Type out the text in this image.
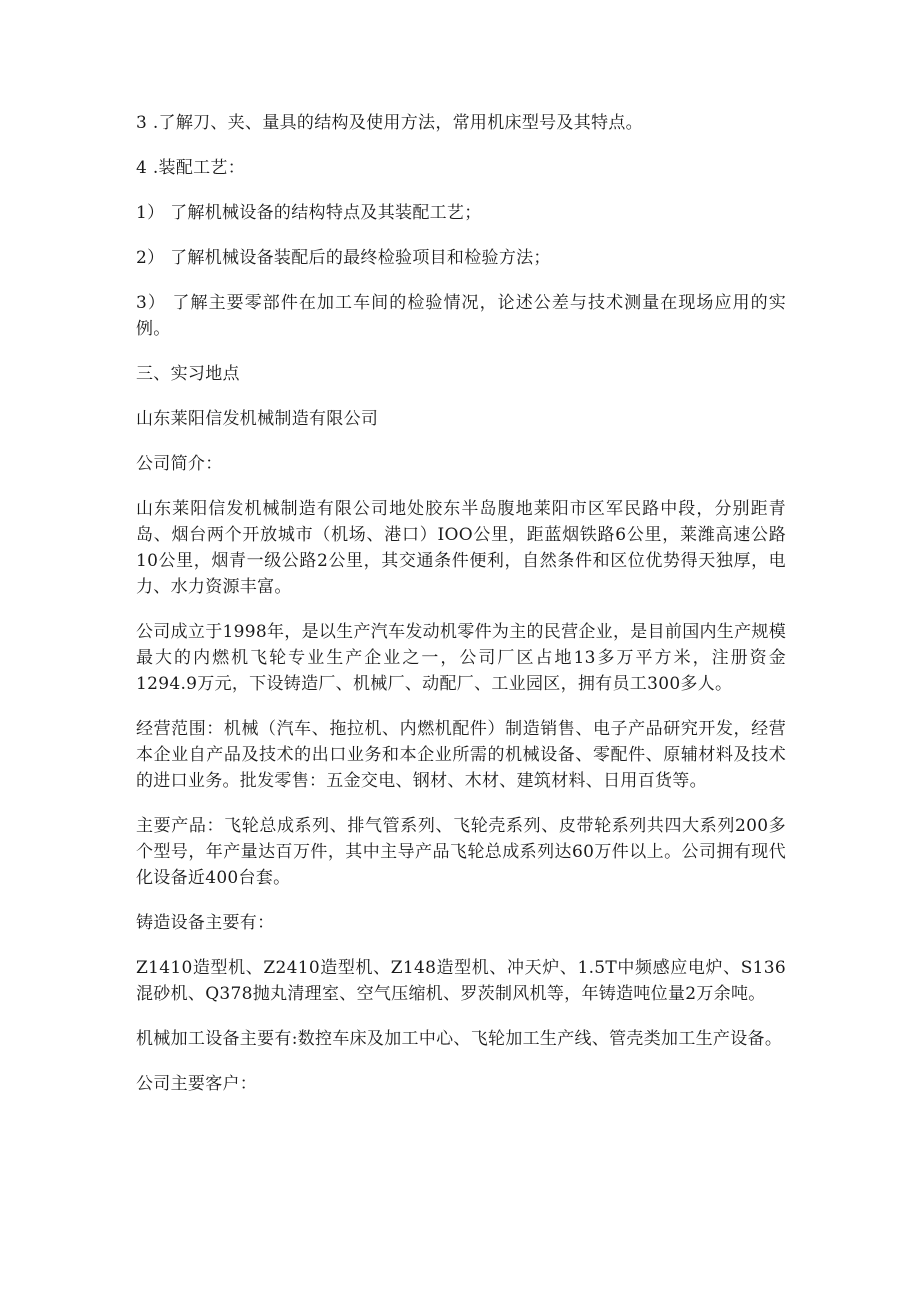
3 .了解刀、夹、量具的结构及使用方法，常用机床型号及其特点。

4 .装配工艺：

1） 了解机械设备的结构特点及其装配工艺；

2） 了解机械设备装配后的最终检验项目和检验方法；

3） 了解主要零部件在加工车间的检验情况，论述公差与技术测量在现场应用的实例。

三、实习地点

山东莱阳信发机械制造有限公司

公司简介：

山东莱阳信发机械制造有限公司地处胶东半岛腹地莱阳市区军民路中段，分别距青岛、烟台两个开放城市（机场、港口）IOO公里，距蓝烟铁路6公里，莱潍高速公路10公里，烟青一级公路2公里，其交通条件便利，自然条件和区位优势得天独厚，电力、水力资源丰富。

公司成立于1998年，是以生产汽车发动机零件为主的民营企业，是目前国内生产规模最大的内燃机飞轮专业生产企业之一，公司厂区占地13多万平方米，注册资金1294.9万元，下设铸造厂、机械厂、动配厂、工业园区，拥有员工300多人。

经营范围：机械（汽车、拖拉机、内燃机配件）制造销售、电子产品研究开发，经营本企业自产品及技术的出口业务和本企业所需的机械设备、零配件、原辅材料及技术的进口业务。批发零售：五金交电、钢材、木材、建筑材料、日用百货等。

主要产品：飞轮总成系列、排气管系列、飞轮壳系列、皮带轮系列共四大系列200多个型号，年产量达百万件，其中主导产品飞轮总成系列达60万件以上。公司拥有现代化设备近400台套。

铸造设备主要有：

Z1410造型机、Z2410造型机、Z148造型机、冲天炉、1.5T中频感应电炉、S136混砂机、Q378抛丸清理室、空气压缩机、罗茨制风机等，年铸造吨位量2万余吨。

机械加工设备主要有:数控车床及加工中心、飞轮加工生产线、管壳类加工生产设备。

公司主要客户：
